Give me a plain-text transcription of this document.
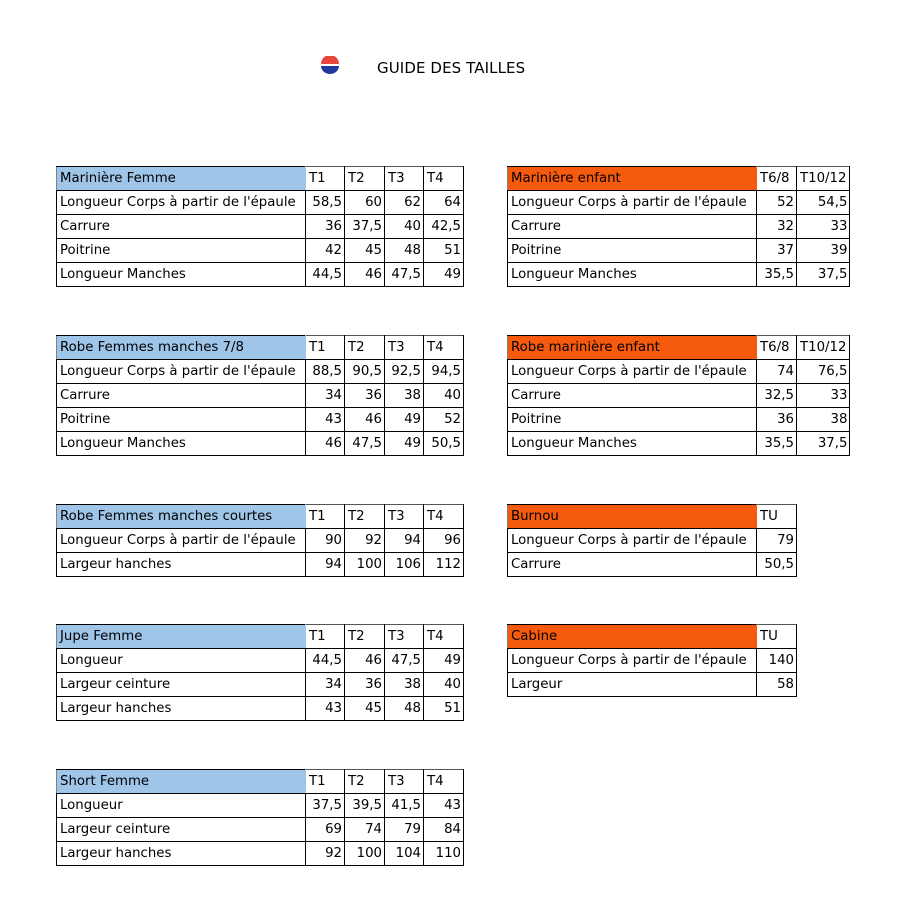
GUIDE DES TAILLES
Marinière Femme	T1	T2	T3	T4
Longueur Corps à partir de l'épaule	58,5	60	62	64
Carrure	36	37,5	40	42,5
Poitrine	42	45	48	51
Longueur Manches	44,5	46	47,5	49
Robe Femmes manches 7/8	T1	T2	T3	T4
Longueur Corps à partir de l'épaule	88,5	90,5	92,5	94,5
Carrure	34	36	38	40
Poitrine	43	46	49	52
Longueur Manches	46	47,5	49	50,5
Robe Femmes manches courtes	T1	T2	T3	T4
Longueur Corps à partir de l'épaule	90	92	94	96
Largeur hanches	94	100	106	112
Jupe Femme	T1	T2	T3	T4
Longueur	44,5	46	47,5	49
Largeur ceinture	34	36	38	40
Largeur hanches	43	45	48	51
Short Femme	T1	T2	T3	T4
Longueur	37,5	39,5	41,5	43
Largeur ceinture	69	74	79	84
Largeur hanches	92	100	104	110
Marinière enfant	T6/8	T10/12
Longueur Corps à partir de l'épaule	52	54,5
Carrure	32	33
Poitrine	37	39
Longueur Manches	35,5	37,5
Robe marinière enfant	T6/8	T10/12
Longueur Corps à partir de l'épaule	74	76,5
Carrure	32,5	33
Poitrine	36	38
Longueur Manches	35,5	37,5
Burnou	TU
Longueur Corps à partir de l'épaule	79
Carrure	50,5
Cabine	TU
Longueur Corps à partir de l'épaule	140
Largeur	58
